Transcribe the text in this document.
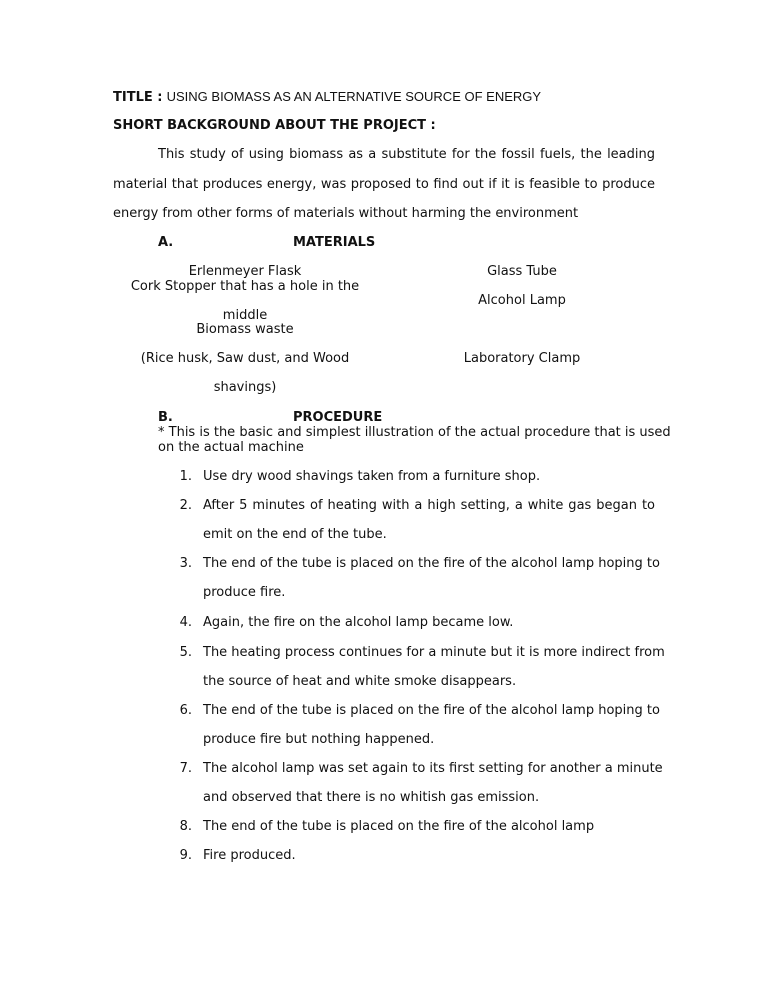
TITLE : USING BIOMASS AS AN ALTERNATIVE SOURCE OF ENERGY
SHORT BACKGROUND ABOUT THE PROJECT :
This study of using biomass as a substitute for the fossil fuels, the leading
material that produces energy, was proposed to find out if it is feasible to produce
energy from other forms of materials without harming the environment
A.	MATERIALS
Erlenmeyer Flask
Cork Stopper that has a hole in the
middle
Biomass waste
(Rice husk, Saw dust, and Wood
shavings)
Glass Tube
Alcohol Lamp
Laboratory Clamp
B.	PROCEDURE
* This is the basic and simplest illustration of the actual procedure that is used
on the actual machine
1. Use dry wood shavings taken from a furniture shop.
2. After 5 minutes of heating with a high setting, a white gas began to
emit on the end of the tube.
3. The end of the tube is placed on the fire of the alcohol lamp hoping to
produce fire.
4. Again, the fire on the alcohol lamp became low.
5. The heating process continues for a minute but it is more indirect from
the source of heat and white smoke disappears.
6. The end of the tube is placed on the fire of the alcohol lamp hoping to
produce fire but nothing happened.
7. The alcohol lamp was set again to its first setting for another a minute
and observed that there is no whitish gas emission.
8. The end of the tube is placed on the fire of the alcohol lamp
9. Fire produced.
